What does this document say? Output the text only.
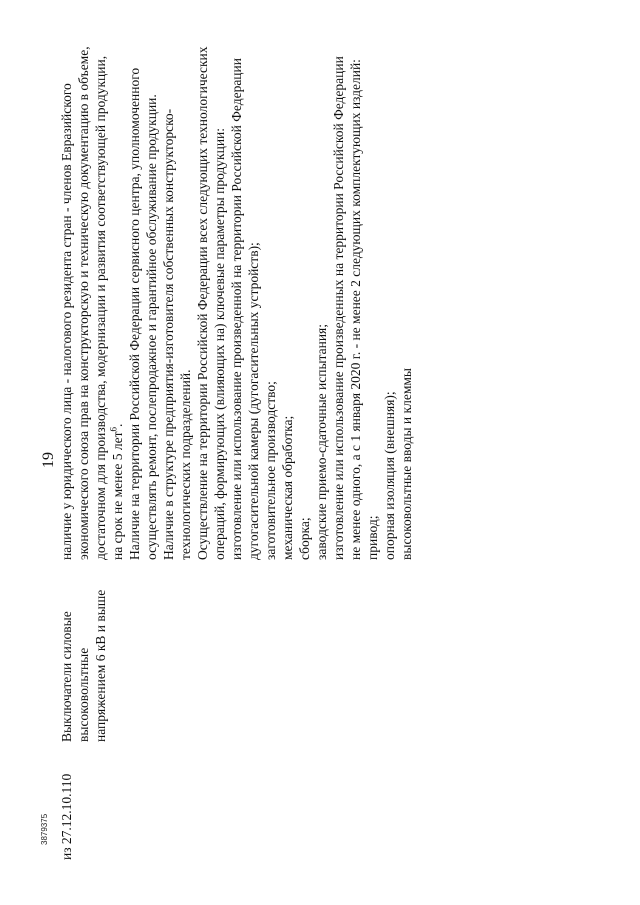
19
из 27.12.10.110
Выключатели силовые высоковольтные напряжением 6 кВ и выше

наличие у юридического лица - налогового резидента стран - членов Евразийского экономического союза прав на конструкторскую и техническую документацию в объеме, достаточном для производства, модернизации и развития соответствующей продукции, на срок не менее 5 лет$^6$. Наличие на территории Российской Федерации сервисного центра, уполномоченного осуществлять ремонт, послепродажное и гарантийное обслуживание продукции. Наличие в структуре предприятия-изготовителя собственных конструкторско-технологических подразделений. Осуществление на территории Российской Федерации всех следующих технологических операций, формирующих (влияющих на) ключевые параметры продукции: изготовление или использование произведенной на территории Российской Федерации дугогасительной камеры (дугогасительных устройств); заготовительное производство; механическая обработка; сборка; заводские приемо-сдаточные испытания; изготовление или использование произведенных на территории Российской Федерации не менее одного, а с 1 января 2020 г. - не менее 2 следующих комплектующих изделий: привод; опорная изоляция (внешняя); высоковольтные вводы и клеммы

3879375
